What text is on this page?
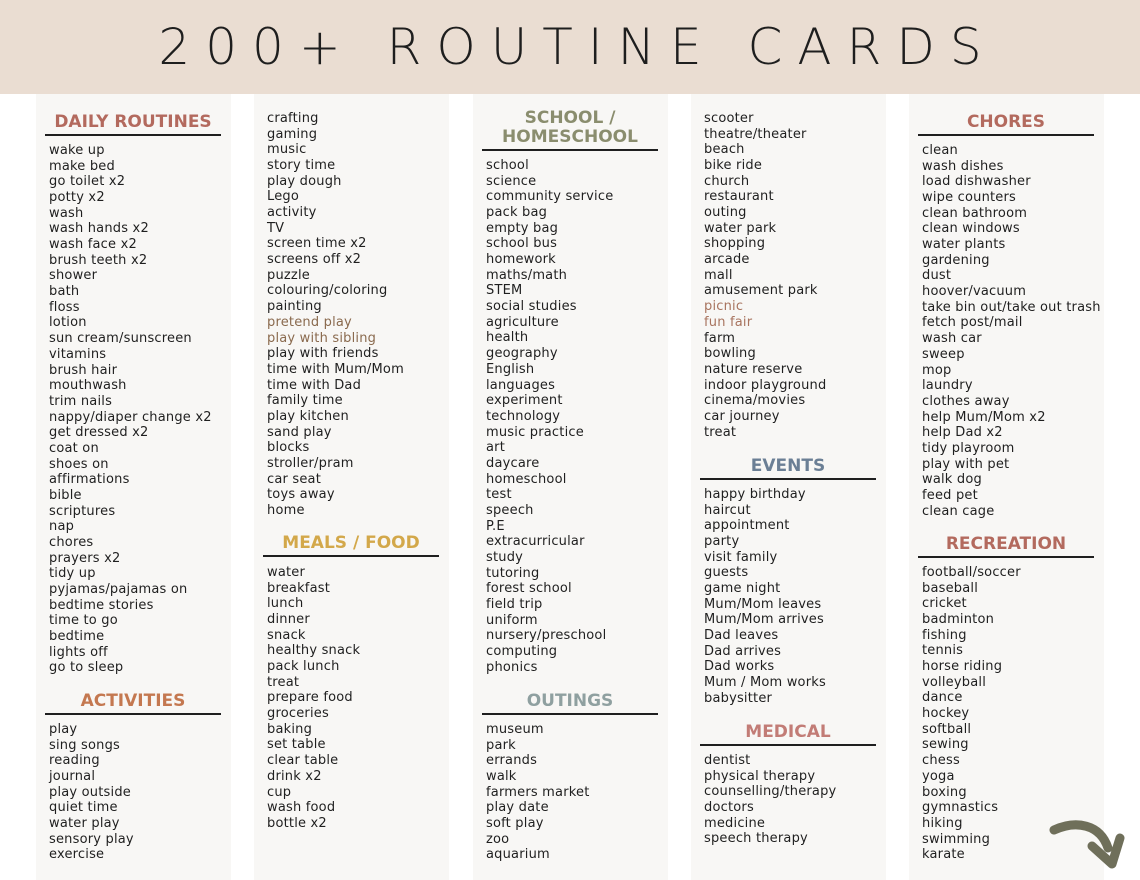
200+ ROUTINE CARDS
DAILY ROUTINES
ACTIVITIES
wake up
make bed
go toilet x2
potty x2
wash
wash hands x2
wash face x2
brush teeth x2
shower
bath
floss
lotion
sun cream/sunscreen
vitamins
brush hair
mouthwash
trim nails
nappy/diaper change x2
get dressed x2
coat on
shoes on
affirmations
bible
scriptures
nap
chores
prayers x2
tidy up
pyjamas/pajamas on
bedtime stories
time to go
bedtime
lights off
go to sleep
play
sing songs
reading
journal
play outside
quiet time
water play
sensory play
exercise
MEALS / FOOD
crafting
gaming
music
story time
play dough
Lego
activity
TV
screen time x2
screens off x2
puzzle
colouring/coloring
painting
pretend play
play with sibling
play with friends
time with Mum/Mom
time with Dad
family time
play kitchen
sand play
blocks
stroller/pram
car seat
toys away
home
water
breakfast
lunch
dinner
snack
healthy snack
pack lunch
treat
prepare food
groceries
baking
set table
clear table
drink x2
cup
wash food
bottle x2
SCHOOL /
HOMESCHOOL
OUTINGS
school
science
community service
pack bag
empty bag
school bus
homework
maths/math
STEM
social studies
agriculture
health
geography
English
languages
experiment
technology
music practice
art
daycare
homeschool
test
speech
P.E
extracurricular
study
tutoring
forest school
field trip
uniform
nursery/preschool
computing
phonics
museum
park
errands
walk
farmers market
play date
soft play
zoo
aquarium
EVENTS
MEDICAL
scooter
theatre/theater
beach
bike ride
church
restaurant
outing
water park
shopping
arcade
mall
amusement park
picnic
fun fair
farm
bowling
nature reserve
indoor playground
cinema/movies
car journey
treat
happy birthday
haircut
appointment
party
visit family
guests
game night
Mum/Mom leaves
Mum/Mom arrives
Dad leaves
Dad arrives
Dad works
Mum / Mom works
babysitter
dentist
physical therapy
counselling/therapy
doctors
medicine
speech therapy
CHORES
RECREATION
clean
wash dishes
load dishwasher
wipe counters
clean bathroom
clean windows
water plants
gardening
dust
hoover/vacuum
take bin out/take out trash
fetch post/mail
wash car
sweep
mop
laundry
clothes away
help Mum/Mom x2
help Dad x2
tidy playroom
play with pet
walk dog
feed pet
clean cage
football/soccer
baseball
cricket
badminton
fishing
tennis
horse riding
volleyball
dance
hockey
softball
sewing
chess
yoga
boxing
gymnastics
hiking
swimming
karate
